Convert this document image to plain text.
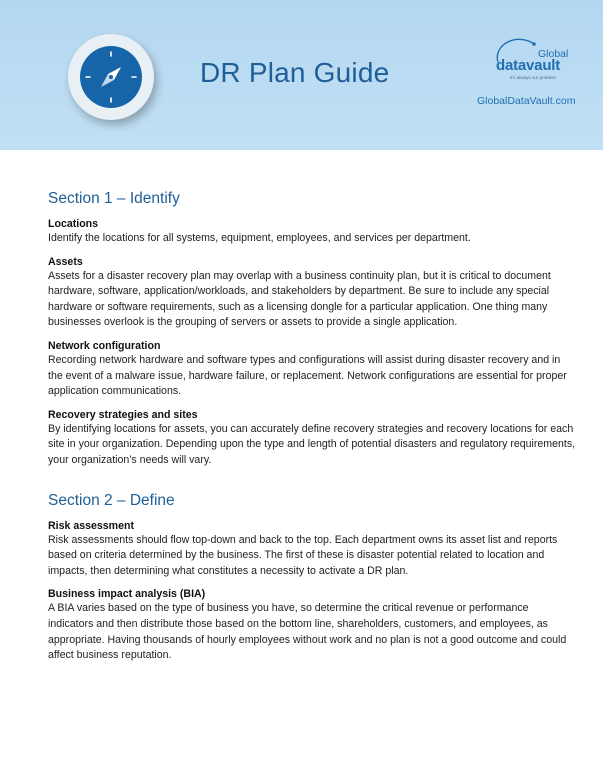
DR Plan Guide
Global
datavault
It's always our problem
GlobalDataVault.com
Section 1 – Identify

Locations

Identify the locations for all systems, equipment, employees, and services per department.

Assets

Assets for a disaster recovery plan may overlap with a business continuity plan, but it is critical to document hardware, software, application/workloads, and stakeholders by department. Be sure to include any special hardware or software requirements, such as a licensing dongle for a particular application. One thing many businesses overlook is the grouping of servers or assets to provide a single application.

Network configuration

Recording network hardware and software types and configurations will assist during disaster recovery and in the event of a malware issue, hardware failure, or replacement. Network configurations are essential for proper application communications.

Recovery strategies and sites

By identifying locations for assets, you can accurately define recovery strategies and recovery locations for each site in your organization. Depending upon the type and length of potential disasters and regulatory requirements, your organization’s needs will vary.

Section 2 – Define

Risk assessment

Risk assessments should flow top-down and back to the top. Each department owns its asset list and reports based on criteria determined by the business. The first of these is disaster potential related to location and impacts, then determining what constitutes a necessity to activate a DR plan.

Business impact analysis (BIA)

A BIA varies based on the type of business you have, so determine the critical revenue or performance indicators and then distribute those based on the bottom line, shareholders, customers, and employees, as appropriate. Having thousands of hourly employees without work and no plan is not a good outcome and could affect business reputation.
